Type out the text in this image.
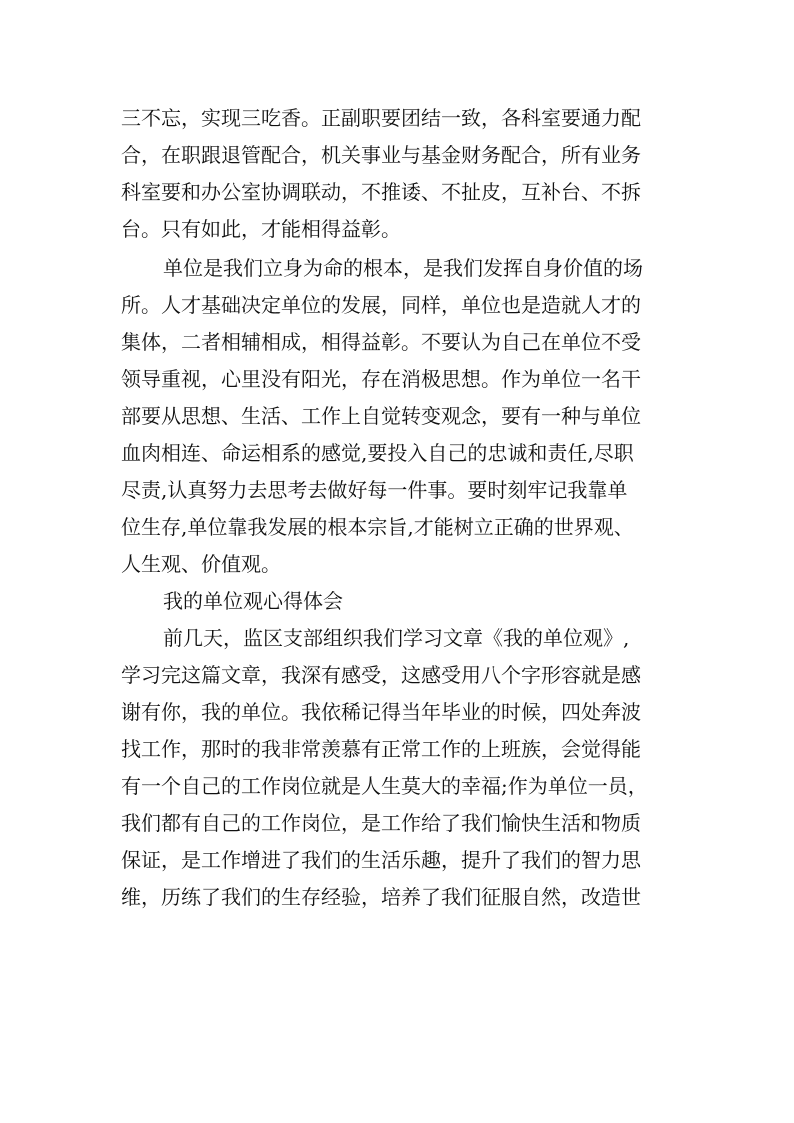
三不忘，实现三吃香。正副职要团结一致，各科室要通力配
合，在职跟退管配合，机关事业与基金财务配合，所有业务
科室要和办公室协调联动，不推诿、不扯皮，互补台、不拆
台。只有如此，才能相得益彰。
单位是我们立身为命的根本，是我们发挥自身价值的场
所。人才基础决定单位的发展，同样，单位也是造就人才的
集体，二者相辅相成，相得益彰。不要认为自己在单位不受
领导重视，心里没有阳光，存在消极思想。作为单位一名干
部要从思想、生活、工作上自觉转变观念，要有一种与单位
血肉相连、命运相系的感觉,要投入自己的忠诚和责任,尽职
尽责,认真努力去思考去做好每一件事。要时刻牢记我靠单
位生存,单位靠我发展的根本宗旨,才能树立正确的世界观、
人生观、价值观。
我的单位观心得体会
前几天，监区支部组织我们学习文章《我的单位观》,
学习完这篇文章，我深有感受，这感受用八个字形容就是感
谢有你，我的单位。我依稀记得当年毕业的时候，四处奔波
找工作，那时的我非常羡慕有正常工作的上班族，会觉得能
有一个自己的工作岗位就是人生莫大的幸福;作为单位一员，
我们都有自己的工作岗位，是工作给了我们愉快生活和物质
保证，是工作增进了我们的生活乐趣，提升了我们的智力思
维，历练了我们的生存经验，培养了我们征服自然，改造世
